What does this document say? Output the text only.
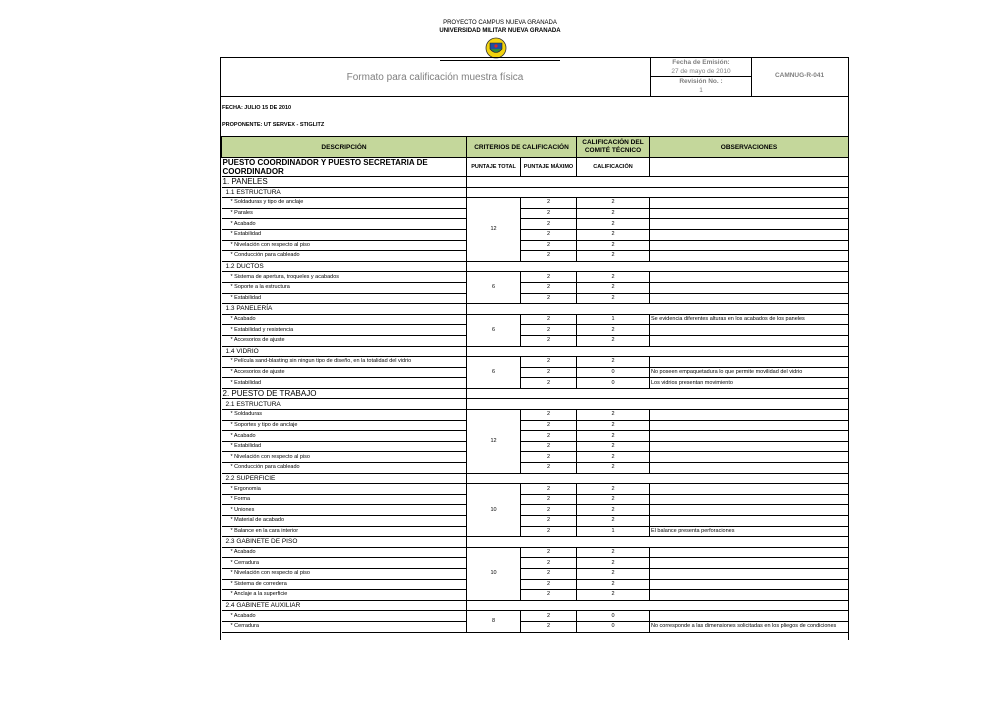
PROYECTO CAMPUS NUEVA GRANADA
UNIVERSIDAD MILITAR NUEVA GRANADA
Formato para calificación muestra física
Fecha de Emisión:
27 de mayo de 2010
Revisión No. :
1
CAMNUG-R-041
FECHA: JULIO 15 DE 2010
PROPONENTE: UT SERVEX - STIGLITZ
DESCRIPCIÓN	CRITERIOS DE CALIFICACIÓN		CALIFICACIÓN DEL COMITÉ TÉCNICO	OBSERVACIONES
PUESTO COORDINADOR Y PUESTO SECRETARIA DE COORDINADOR	PUNTAJE TOTAL	PUNTAJE MÁXIMO	CALIFICACIÓN	
1. PANELES				
1.1 ESTRUCTURA				
* Soldaduras y tipo de anclaje	12	2	2	
* Parales		2	2	
* Acabado		2	2	
* Estabilidad		2	2	
* Nivelación con respecto al piso		2	2	
* Conducción para cableado		2	2	
1.2 DUCTOS				
* Sistema de apertura, troqueles y acabados	6	2	2	
* Soporte a la estructura		2	2	
* Estabilidad		2	2	
1.3 PANELERÍA				
* Acabado	6	2	1	Se evidencia diferentes alturas en los acabados de los paneles
* Estabilidad y resistencia		2	2	
* Accesorios de ajuste		2	2	
1.4 VIDRIO				
* Película sand-blasting sin ningun tipo de diseño, en la totalidad del vidrio	6	2	2	
* Accesorios de ajuste		2	0	No poseen empaquetadura lo que permite movilidad del vidrio
* Estabilidad		2	0	Los vidrios presentan movimiento
2. PUESTO DE TRABAJO				
2.1 ESTRUCTURA				
* Soldaduras	12	2	2	
* Soportes y tipo de anclaje		2	2	
* Acabado		2	2	
* Estabilidad		2	2	
* Nivelación con respecto al piso		2	2	
* Conducción para cableado		2	2	
2.2 SUPERFICIE				
* Ergonomia	10	2	2	
* Forma		2	2	
* Uniones		2	2	
* Material de acabado		2	2	
* Balance en la cara interior		2	1	El balance presenta perforaciones
2.3 GABINETE DE PISO				
* Acabado	10	2	2	
* Cerradura		2	2	
* Nivelación con respecto al piso		2	2	
* Sistema de corredera		2	2	
* Anclaje a la superficie		2	2	
2.4 GABINETE AUXILIAR				
* Acabado	8	2	0	
* Cerradura		2	0	No corresponde a las dimensiones solicitadas en los pliegos de condiciones
